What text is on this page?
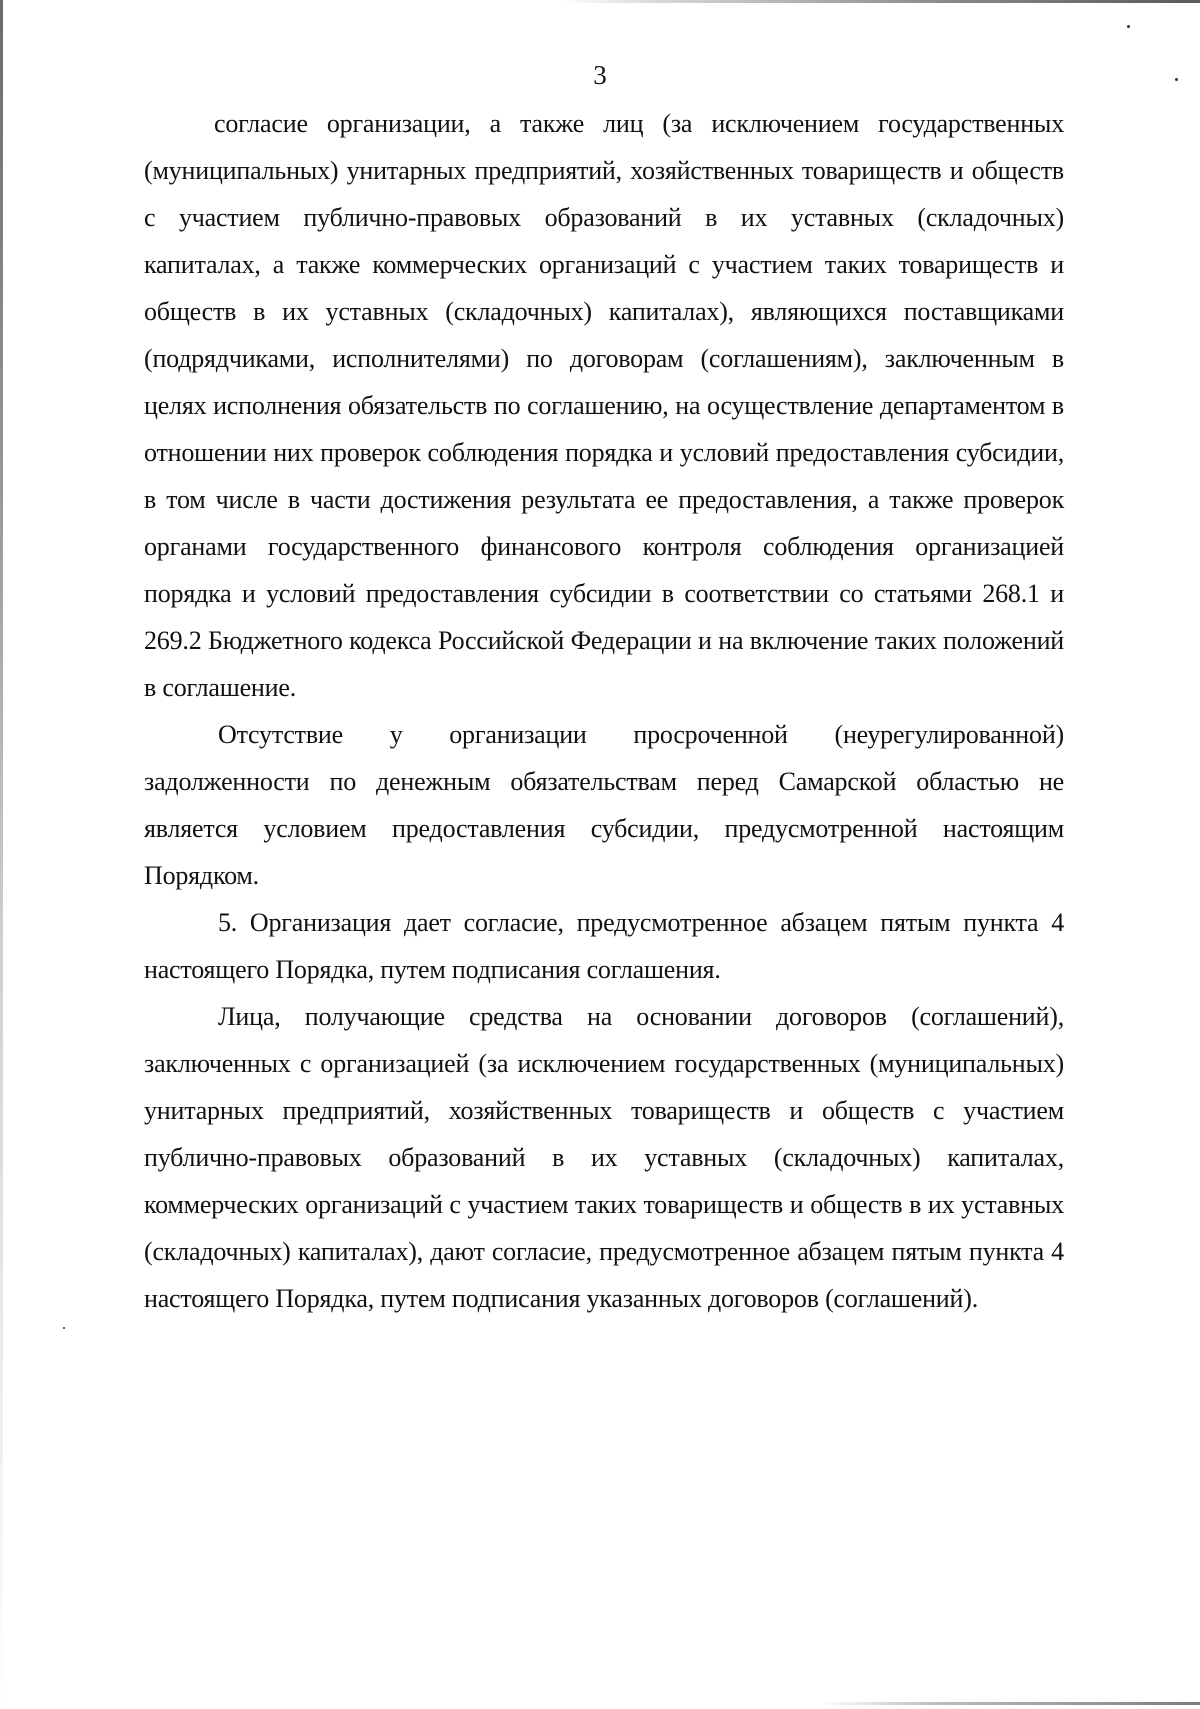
3

согласие организации, а также лиц (за исключением государственных (муниципальных) унитарных предприятий, хозяйственных товариществ и обществ с участием публично-правовых образований в их уставных (складочных) капиталах, а также коммерческих организаций с участием таких товариществ и обществ в их уставных (складочных) капиталах), являющихся поставщиками (подрядчиками, исполнителями) по договорам (соглашениям), заключенным в целях исполнения обязательств по соглашению, на осуществление департаментом в отношении них проверок соблюдения порядка и условий предоставления субсидии, в том числе в части достижения результата ее предоставления, а также проверок органами государственного финансового контроля соблюдения организацией порядка и условий предоставления субсидии в соответствии со статьями 268.1 и 269.2 Бюджетного кодекса Российской Федерации и на включение таких положений в соглашение.

Отсутствие у организации просроченной (неурегулированной) задолженности по денежным обязательствам перед Самарской областью не является условием предоставления субсидии, предусмотренной настоящим Порядком.

5. Организация дает согласие, предусмотренное абзацем пятым пункта 4 настоящего Порядка, путем подписания соглашения.

Лица, получающие средства на основании договоров (соглашений), заключенных с организацией (за исключением государственных (муниципальных) унитарных предприятий, хозяйственных товариществ и обществ с участием публично-правовых образований в их уставных (складочных) капиталах, коммерческих организаций с участием таких товариществ и обществ в их уставных (складочных) капиталах), дают согласие, предусмотренное абзацем пятым пункта 4 настоящего Порядка, путем подписания указанных договоров (соглашений).
